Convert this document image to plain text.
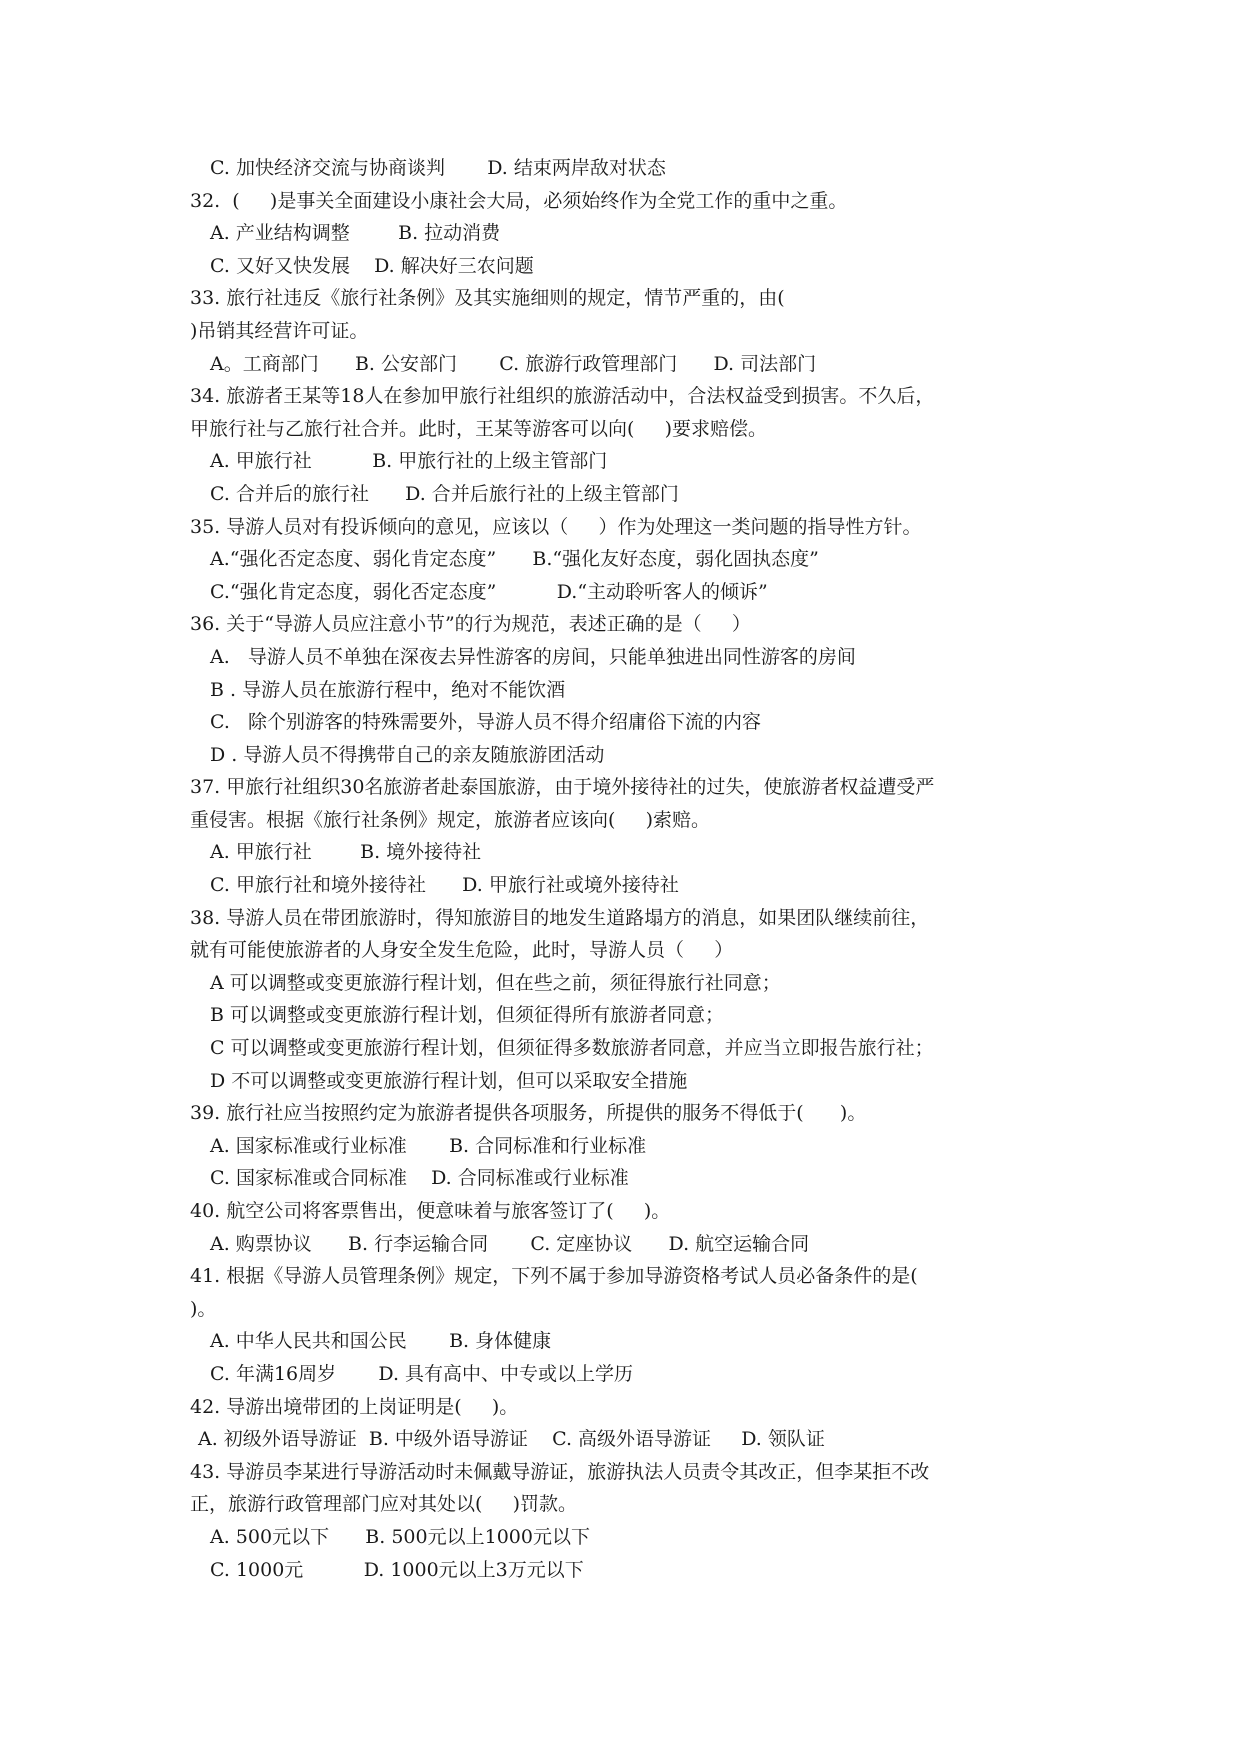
C. 加快经济交流与协商谈判       D. 结束两岸敌对状态
32.  (     )是事关全面建设小康社会大局，必须始终作为全党工作的重中之重。
A. 产业结构调整        B. 拉动消费
C. 又好又快发展    D. 解决好三农问题
33. 旅行社违反《旅行社条例》及其实施细则的规定，情节严重的，由(
)吊销其经营许可证。
A。工商部门      B. 公安部门       C. 旅游行政管理部门      D. 司法部门
34. 旅游者王某等18人在参加甲旅行社组织的旅游活动中，合法权益受到损害。不久后，
甲旅行社与乙旅行社合并。此时，王某等游客可以向(     )要求赔偿。
A. 甲旅行社          B. 甲旅行社的上级主管部门
C. 合并后的旅行社      D. 合并后旅行社的上级主管部门
35. 导游人员对有投诉倾向的意见，应该以（     ）作为处理这一类问题的指导性方针。
A.“强化否定态度、弱化肯定态度”      B.“强化友好态度，弱化固执态度”
C.“强化肯定态度，弱化否定态度”          D.“主动聆听客人的倾诉”
36. 关于“导游人员应注意小节”的行为规范，表述正确的是（     ）
A.   导游人员不单独在深夜去异性游客的房间，只能单独进出同性游客的房间
B . 导游人员在旅游行程中，绝对不能饮酒
C.   除个别游客的特殊需要外，导游人员不得介绍庸俗下流的内容
D . 导游人员不得携带自己的亲友随旅游团活动
37. 甲旅行社组织30名旅游者赴泰国旅游，由于境外接待社的过失，使旅游者权益遭受严
重侵害。根据《旅行社条例》规定，旅游者应该向(     )索赔。
A. 甲旅行社        B. 境外接待社
C. 甲旅行社和境外接待社      D. 甲旅行社或境外接待社
38. 导游人员在带团旅游时，得知旅游目的地发生道路塌方的消息，如果团队继续前往，
就有可能使旅游者的人身安全发生危险，此时，导游人员（     ）
A 可以调整或变更旅游行程计划，但在些之前，须征得旅行社同意；
B 可以调整或变更旅游行程计划，但须征得所有旅游者同意；
C 可以调整或变更旅游行程计划，但须征得多数旅游者同意，并应当立即报告旅行社；
D 不可以调整或变更旅游行程计划，但可以采取安全措施
39. 旅行社应当按照约定为旅游者提供各项服务，所提供的服务不得低于(      )。
A. 国家标准或行业标准       B. 合同标准和行业标准
C. 国家标准或合同标准    D. 合同标准或行业标准
40. 航空公司将客票售出，便意味着与旅客签订了(     )。
A. 购票协议      B. 行李运输合同       C. 定座协议      D. 航空运输合同
41. 根据《导游人员管理条例》规定，下列不属于参加导游资格考试人员必备条件的是(
)。
A. 中华人民共和国公民       B. 身体健康
C. 年满16周岁       D. 具有高中、中专或以上学历
42. 导游出境带团的上岗证明是(     )。
A. 初级外语导游证  B. 中级外语导游证    C. 高级外语导游证     D. 领队证
43. 导游员李某进行导游活动时未佩戴导游证，旅游执法人员责令其改正，但李某拒不改
正，旅游行政管理部门应对其处以(     )罚款。
A. 500元以下      B. 500元以上1000元以下
C. 1000元          D. 1000元以上3万元以下
